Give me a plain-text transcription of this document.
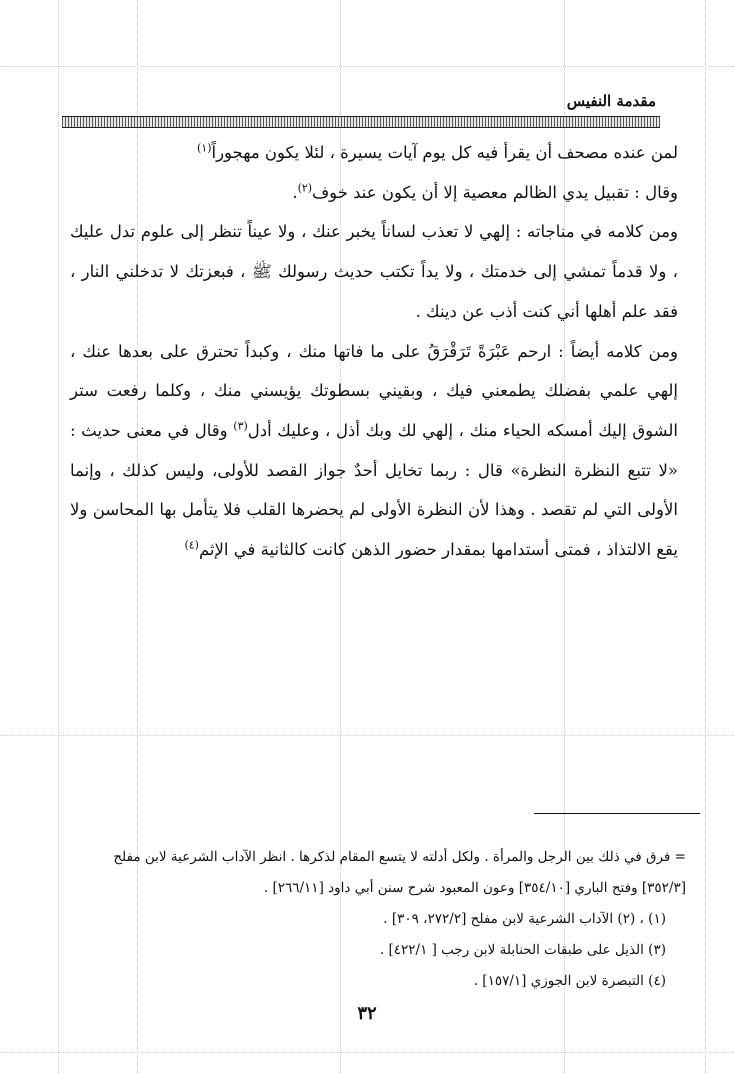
مقدمة النفيس

لمن عنده مصحف أن يقرأ فيه كل يوم آيات يسيرة ، لئلا يكون مهجوراً$^{(١)}$

وقال : تقبيل يدي الظالم معصية إلا أن يكون عند خوف$^{(٢)}$.

ومن كلامه في مناجاته : إلهي لا تعذب لساناً يخبر عنك ، ولا عيناً تنظر إلى علوم تدل عليك ، ولا قدماً تمشي إلى خدمتك ، ولا يداً تكتب حديث رسولك ﷺ ، فبعزتك لا تدخلني النار ، فقد علم أهلها أني كنت أذب عن دينك .

ومن كلامه أيضاً : ارحم عَبْرَةً تَرَقْرَقُ على ما فاتها منك ، وكبداً تحترق على بعدها عنك ، إلهي علمي بفضلك يطمعني فيك ، وبقيني بسطوتك يؤيسني منك ، وكلما رفعت ستر الشوق إليك أمسكه الحياء منك ، إلهي لك وبك أذل ، وعليك أدل$^{(٣)}$ وقال في معنى حديث : «لا تتبع النظرة النظرة» قال : ربما تخايل أحدٌ جواز القصد للأولى، وليس كذلك ، وإنما الأولى التي لم تقصد . وهذا لأن النظرة الأولى لم يحضرها القلب فلا يتأمل بها المحاسن ولا يقع الالتذاذ ، فمتى أستدامها بمقدار حضور الذهن كانت كالثانية في الإثم$^{(٤)}$

= فرق في ذلك بين الرجل والمرأة . ولكل أدلته لا يتسع المقام لذكرها . انظر الآداب الشرعية لابن مفلح

[٣٥٢/٣] وفتح الباري [٣٥٤/١٠] وعون المعبود شرح سنن أبي داود [٢٦٦/١١] .

(١) ، (٢) الآداب الشرعية لابن مفلح [٢٧٢/٢، ٣٠٩] .

(٣) الذيل على طبقات الحنابلة لابن رجب [ ٤٢٢/١] .

(٤) التبصرة لابن الجوزي [١٥٧/١] .

٣٢
